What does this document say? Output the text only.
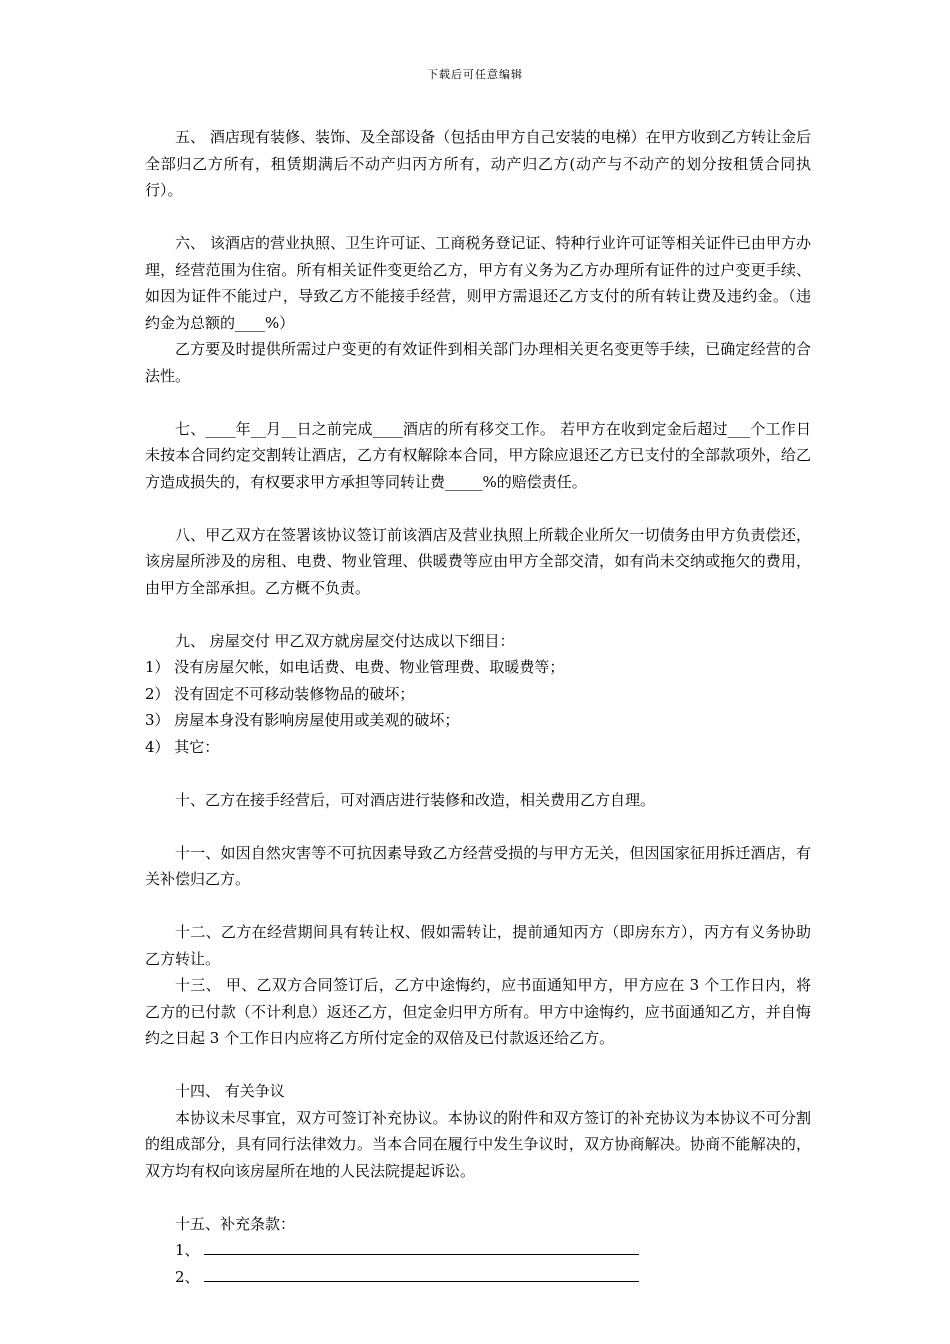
下载后可任意编辑

五、 酒店现有装修、装饰、及全部设备（包括由甲方自己安装的电梯）在甲方收到乙方转让金后全部归乙方所有，租赁期满后不动产归丙方所有，动产归乙方(动产与不动产的划分按租赁合同执行）。

六、 该酒店的营业执照、卫生许可证、工商税务登记证、特种行业许可证等相关证件已由甲方办理，经营范围为住宿。所有相关证件变更给乙方，甲方有义务为乙方办理所有证件的过户变更手续、如因为证件不能过户，导致乙方不能接手经营，则甲方需退还乙方支付的所有转让费及违约金。（违约金为总额的____%）

乙方要及时提供所需过户变更的有效证件到相关部门办理相关更名变更等手续，已确定经营的合法性。

七、____年__月__日之前完成____酒店的所有移交工作。 若甲方在收到定金后超过___个工作日未按本合同约定交割转让酒店，乙方有权解除本合同，甲方除应退还乙方已支付的全部款项外，给乙方造成损失的，有权要求甲方承担等同转让费_____%的赔偿责任。

八、甲乙双方在签署该协议签订前该酒店及营业执照上所载企业所欠一切债务由甲方负责偿还，该房屋所涉及的房租、电费、物业管理、供暖费等应由甲方全部交清，如有尚未交纳或拖欠的费用，由甲方全部承担。乙方概不负责。

九、 房屋交付 甲乙双方就房屋交付达成以下细目：

1） 没有房屋欠帐，如电话费、电费、物业管理费、取暖费等；

2） 没有固定不可移动装修物品的破坏；

3） 房屋本身没有影响房屋使用或美观的破坏；

4） 其它：

十、乙方在接手经营后，可对酒店进行装修和改造，相关费用乙方自理。

十一、如因自然灾害等不可抗因素导致乙方经营受损的与甲方无关，但因国家征用拆迁酒店，有关补偿归乙方。

十二、乙方在经营期间具有转让权、假如需转让，提前通知丙方（即房东方），丙方有义务协助乙方转让。

十三、 甲、乙双方合同签订后，乙方中途悔约，应书面通知甲方，甲方应在 3 个工作日内，将乙方的已付款（不计利息）返还乙方，但定金归甲方所有。甲方中途悔约，应书面通知乙方，并自悔约之日起 3 个工作日内应将乙方所付定金的双倍及已付款返还给乙方。

十四、 有关争议

本协议未尽事宜，双方可签订补充协议。本协议的附件和双方签订的补充协议为本协议不可分割的组成部分，具有同行法律效力。当本合同在履行中发生争议时，双方协商解决。协商不能解决的，双方均有权向该房屋所在地的人民法院提起诉讼。

十五、补充条款：

1、

2、
